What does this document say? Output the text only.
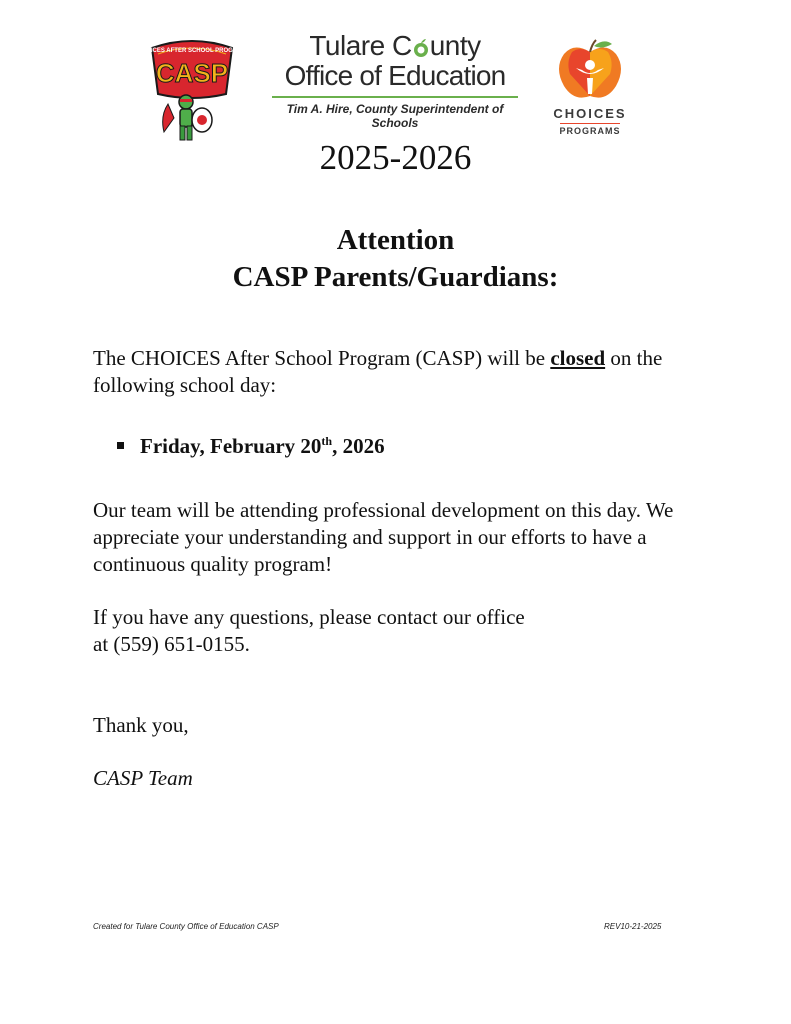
CHOICES AFTER SCHOOL PROGRAM
CASP
Tulare C unty
Office of Education
Tim A. Hire, County Superintendent of Schools
CHOICES
PROGRAMS
2025-2026
Attention
CASP Parents/Guardians:
The CHOICES After School Program (CASP) will be closed on the following school day:
Friday, February 20th, 2026
Our team will be attending professional development on this day. We appreciate your understanding and support in our efforts to have a continuous quality program!
If you have any questions, please contact our office
at (559) 651-0155.
Thank you,
CASP Team
Created for Tulare County Office of Education CASP	REV10-21-2025
